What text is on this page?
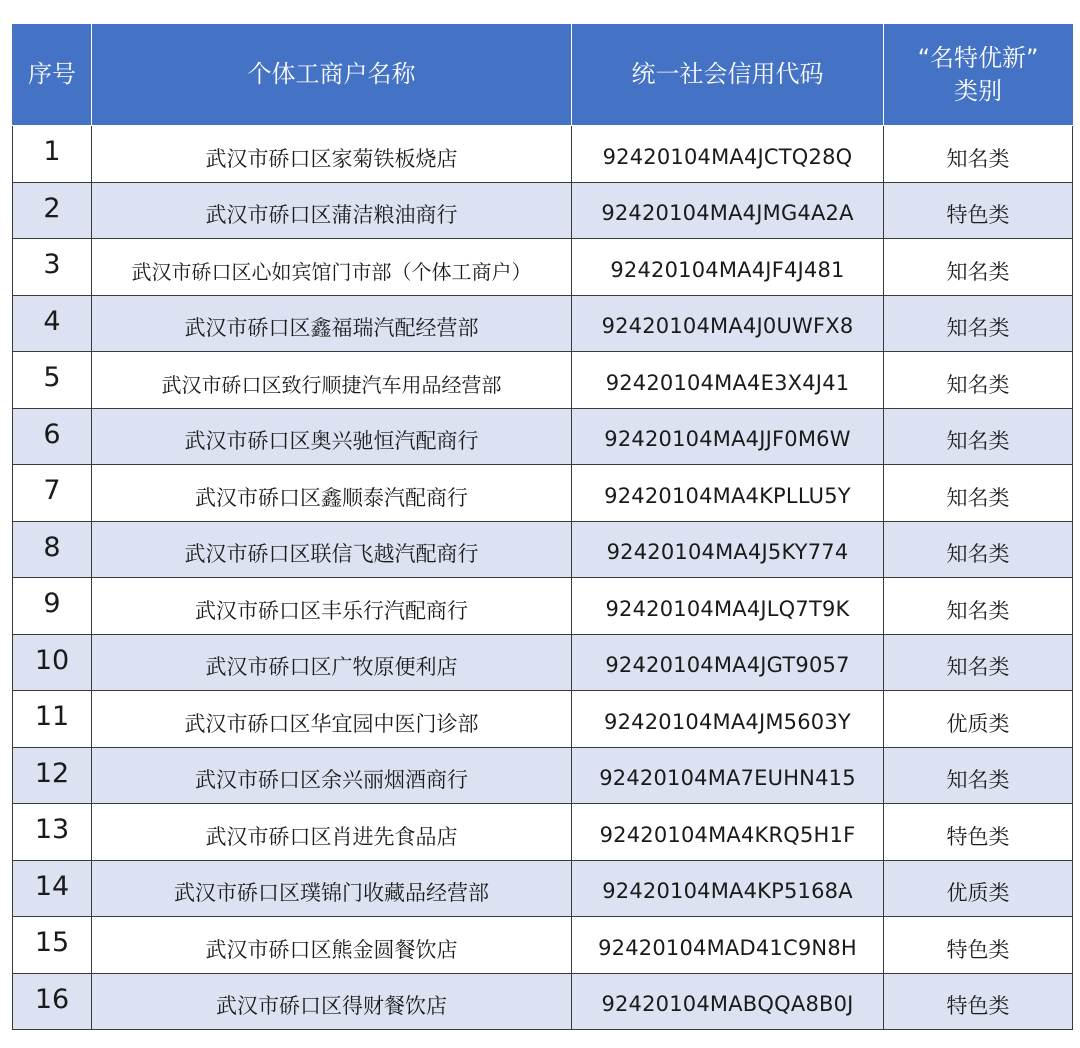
序号	个体工商户名称	统一社会信用代码	“名特优新”
类别

1	武汉市硚口区家菊铁板烧店	92420104MA4JCTQ28Q	知名类
2	武汉市硚口区蒲洁粮油商行	92420104MA4JMG4A2A	特色类
3	武汉市硚口区心如宾馆门市部（个体工商户）	92420104MA4JF4J481	知名类
4	武汉市硚口区鑫福瑞汽配经营部	92420104MA4J0UWFX8	知名类
5	武汉市硚口区致行顺捷汽车用品经营部	92420104MA4E3X4J41	知名类
6	武汉市硚口区奥兴驰恒汽配商行	92420104MA4JJF0M6W	知名类
7	武汉市硚口区鑫顺泰汽配商行	92420104MA4KPLLU5Y	知名类
8	武汉市硚口区联信飞越汽配商行	92420104MA4J5KY774	知名类
9	武汉市硚口区丰乐行汽配商行	92420104MA4JLQ7T9K	知名类
10	武汉市硚口区广牧原便利店	92420104MA4JGT9057	知名类
11	武汉市硚口区华宜园中医门诊部	92420104MA4JM5603Y	优质类
12	武汉市硚口区余兴丽烟酒商行	92420104MA7EUHN415	知名类
13	武汉市硚口区肖进先食品店	92420104MA4KRQ5H1F	特色类
14	武汉市硚口区璞锦门收藏品经营部	92420104MA4KP5168A	优质类
15	武汉市硚口区熊金圆餐饮店	92420104MAD41C9N8H	特色类
16	武汉市硚口区得财餐饮店	92420104MABQQA8B0J	特色类
